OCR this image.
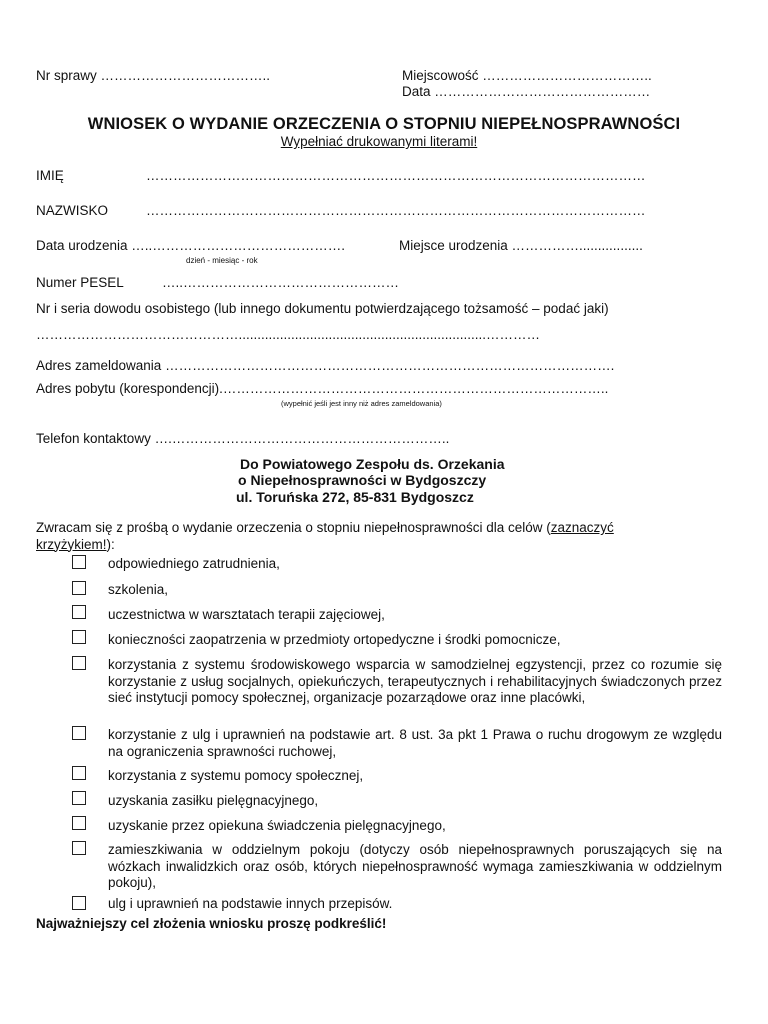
Nr sprawy ………………………………..	Miejscowość ………………………………..
Data …………………………………………
WNIOSEK O WYDANIE ORZECZENIA O STOPNIU NIEPEŁNOSPRAWNOŚCI
Wypełniać drukowanymi literami!
IMIĘ	…………………………………………………………………………………………………
NAZWISKO	…………………………………………………………………………………………………
Data urodzenia …..…………………………………….
dzień - miesiąc - rok
Miejsce urodzenia …………….................
Numer PESEL	…..…………………………………………
Nr i seria dowodu osobistego (lub innego dokumentu potwierdzającego tożsamość – podać jaki)
………………………………………..................................................................…………
Adres zameldowania ……………………………………………………………………………………….
Adres pobytu (korespondencji).…………………………………………………………………………..
(wypełnić jeśli jest inny niż adres zameldowania)
Telefon kontaktowy ….……………………………………………………..
Do Powiatowego Zespołu ds. Orzekania
o Niepełnosprawności w Bydgoszczy
ul. Toruńska 272, 85-831 Bydgoszcz
Zwracam się z prośbą o wydanie orzeczenia o stopniu niepełnosprawności dla celów (zaznaczyć
krzyżykiem!):
odpowiedniego zatrudnienia,
szkolenia,
uczestnictwa w warsztatach terapii zajęciowej,
konieczności zaopatrzenia w przedmioty ortopedyczne i środki pomocnicze,
korzystania z systemu środowiskowego wsparcia w samodzielnej egzystencji, przez co rozumie się korzystanie z usług socjalnych, opiekuńczych, terapeutycznych i rehabilitacyjnych świadczonych przez sieć instytucji pomocy społecznej, organizacje pozarządowe oraz inne placówki,
korzystanie z ulg i uprawnień na podstawie art. 8 ust. 3a pkt 1 Prawa o ruchu drogowym ze względu na ograniczenia sprawności ruchowej,
korzystania z systemu pomocy społecznej,
uzyskania zasiłku pielęgnacyjnego,
uzyskanie przez opiekuna świadczenia pielęgnacyjnego,
zamieszkiwania w oddzielnym pokoju (dotyczy osób niepełnosprawnych poruszających się na wózkach inwalidzkich oraz osób, których niepełnosprawność wymaga zamieszkiwania w oddzielnym pokoju),
ulg i uprawnień na podstawie innych przepisów.
Najważniejszy cel złożenia wniosku proszę podkreślić!
